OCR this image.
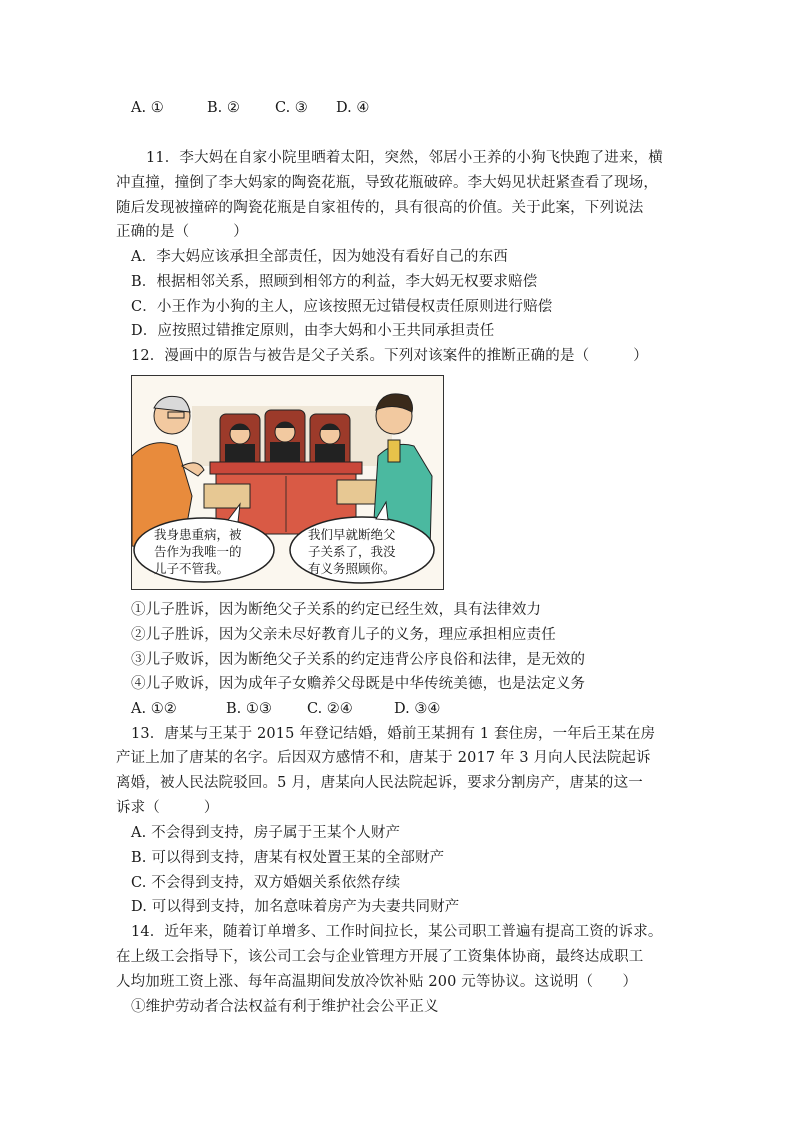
A. ①	B. ② C. ③ D. ④
11．李大妈在自家小院里晒着太阳，突然，邻居小王养的小狗飞快跑了进来，横
冲直撞，撞倒了李大妈家的陶瓷花瓶，导致花瓶破碎。李大妈见状赶紧查看了现场，
随后发现被撞碎的陶瓷花瓶是自家祖传的，具有很高的价值。关于此案，下列说法
正确的是（　　　）
A．李大妈应该承担全部责任，因为她没有看好自己的东西
B．根据相邻关系，照顾到相邻方的利益，李大妈无权要求赔偿
C．小王作为小狗的主人，应该按照无过错侵权责任原则进行赔偿
D．应按照过错推定原则，由李大妈和小王共同承担责任
12．漫画中的原告与被告是父子关系。下列对该案件的推断正确的是（　　　）
我身患重病，被
告作为我唯一的
儿子不管我。
我们早就断绝父
子关系了，我没
有义务照顾你。
①儿子胜诉，因为断绝父子关系的约定已经生效，具有法律效力
②儿子胜诉，因为父亲未尽好教育儿子的义务，理应承担相应责任
③儿子败诉，因为断绝父子关系的约定违背公序良俗和法律，是无效的
④儿子败诉，因为成年子女赡养父母既是中华传统美德，也是法定义务
A. ①②	B. ①③ C. ②④	D. ③④
13．唐某与王某于 2015 年登记结婚，婚前王某拥有 1 套住房，一年后王某在房
产证上加了唐某的名字。后因双方感情不和，唐某于 2017 年 3 月向人民法院起诉
离婚，被人民法院驳回。5 月，唐某向人民法院起诉，要求分割房产，唐某的这一
诉求（　　　）
A. 不会得到支持，房子属于王某个人财产
B. 可以得到支持，唐某有权处置王某的全部财产
C. 不会得到支持，双方婚姻关系依然存续
D. 可以得到支持，加名意味着房产为夫妻共同财产
14．近年来，随着订单增多、工作时间拉长，某公司职工普遍有提高工资的诉求。
在上级工会指导下，该公司工会与企业管理方开展了工资集体协商，最终达成职工
人均加班工资上涨、每年高温期间发放冷饮补贴 200 元等协议。这说明（　　）
①维护劳动者合法权益有利于维护社会公平正义
